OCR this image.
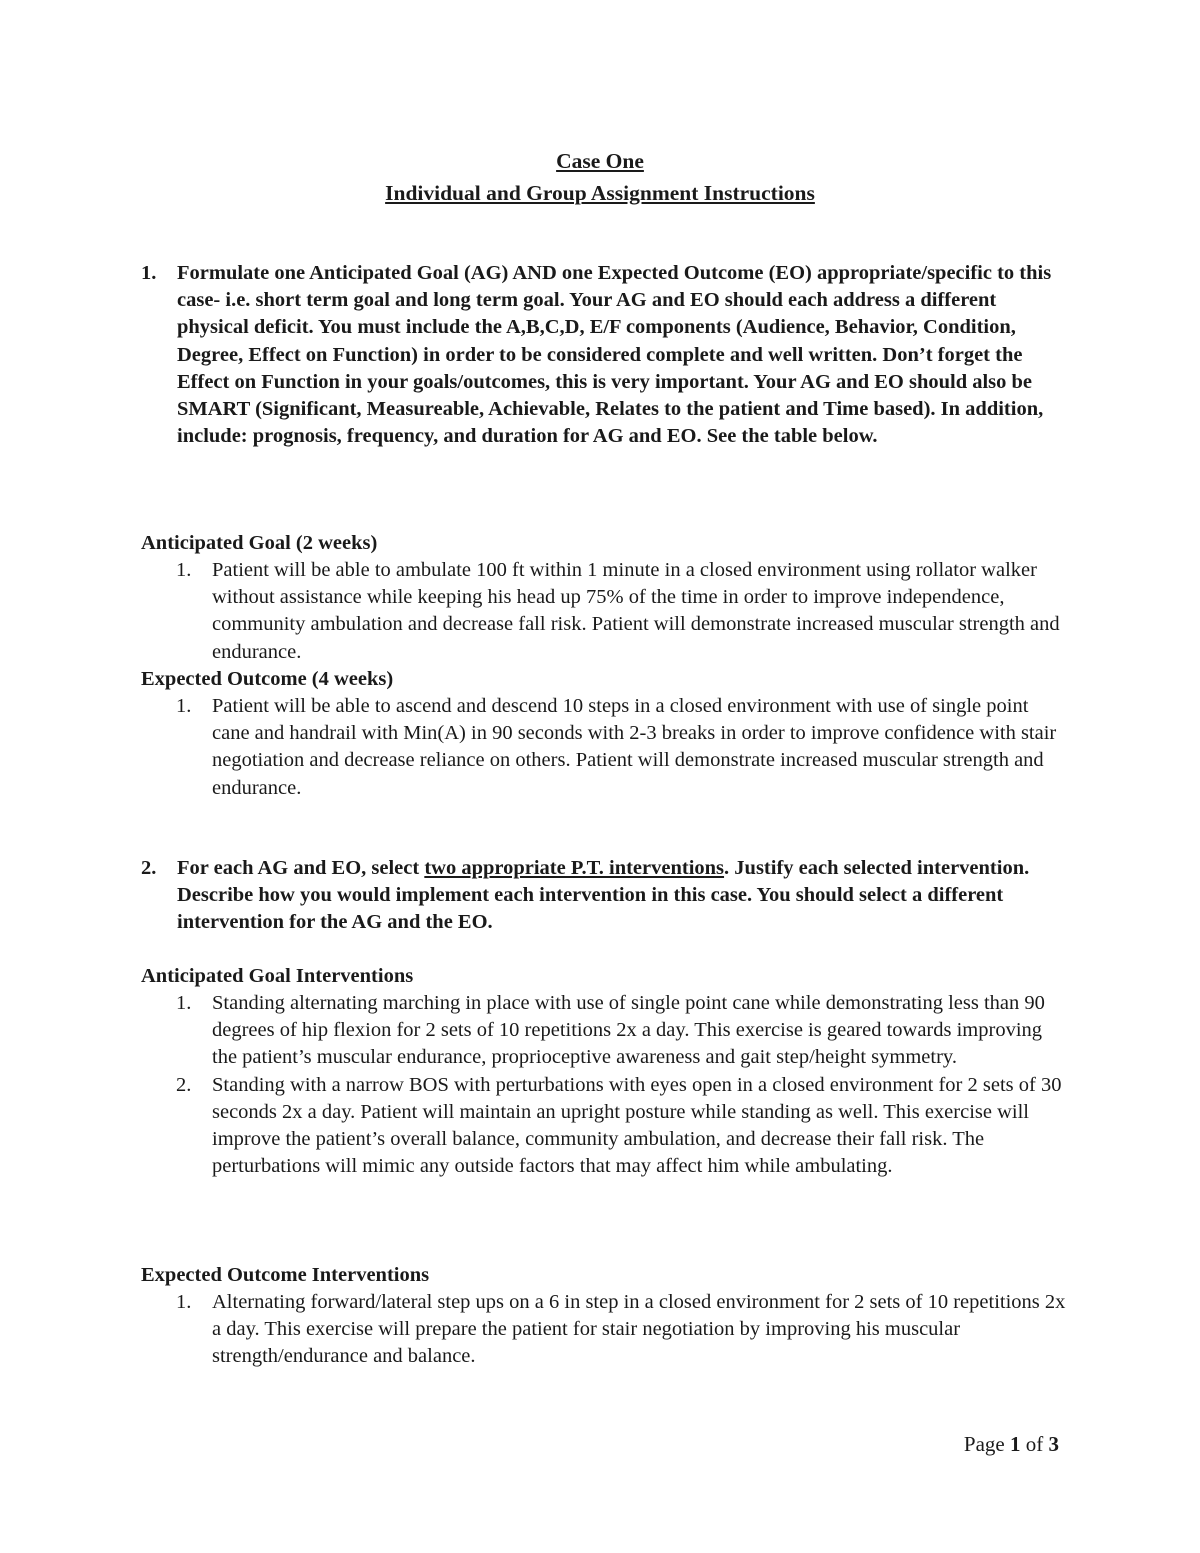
Case One
Individual and Group Assignment Instructions
1. Formulate one Anticipated Goal (AG) AND one Expected Outcome (EO) appropriate/specific to this case- i.e. short term goal and long term goal. Your AG and EO should each address a different physical deficit. You must include the A,B,C,D, E/F components (Audience, Behavior, Condition, Degree, Effect on Function) in order to be considered complete and well written. Don’t forget the Effect on Function in your goals/outcomes, this is very important. Your AG and EO should also be SMART (Significant, Measureable, Achievable, Relates to the patient and Time based). In addition, include: prognosis, frequency, and duration for AG and EO. See the table below.
Anticipated Goal (2 weeks)
1. Patient will be able to ambulate 100 ft within 1 minute in a closed environment using rollator walker without assistance while keeping his head up 75% of the time in order to improve independence, community ambulation and decrease fall risk. Patient will demonstrate increased muscular strength and endurance.
Expected Outcome (4 weeks)
1. Patient will be able to ascend and descend 10 steps in a closed environment with use of single point cane and handrail with Min(A) in 90 seconds with 2-3 breaks in order to improve confidence with stair negotiation and decrease reliance on others. Patient will demonstrate increased muscular strength and endurance.
2. For each AG and EO, select two appropriate P.T. interventions. Justify each selected intervention. Describe how you would implement each intervention in this case. You should select a different intervention for the AG and the EO.
Anticipated Goal Interventions
1. Standing alternating marching in place with use of single point cane while demonstrating less than 90 degrees of hip flexion for 2 sets of 10 repetitions 2x a day. This exercise is geared towards improving the patient’s muscular endurance, proprioceptive awareness and gait step/height symmetry.
2. Standing with a narrow BOS with perturbations with eyes open in a closed environment for 2 sets of 30 seconds 2x a day. Patient will maintain an upright posture while standing as well. This exercise will improve the patient’s overall balance, community ambulation, and decrease their fall risk. The perturbations will mimic any outside factors that may affect him while ambulating.
Expected Outcome Interventions
1. Alternating forward/lateral step ups on a 6 in step in a closed environment for 2 sets of 10 repetitions 2x a day. This exercise will prepare the patient for stair negotiation by improving his muscular strength/endurance and balance.
Page 1 of 3
